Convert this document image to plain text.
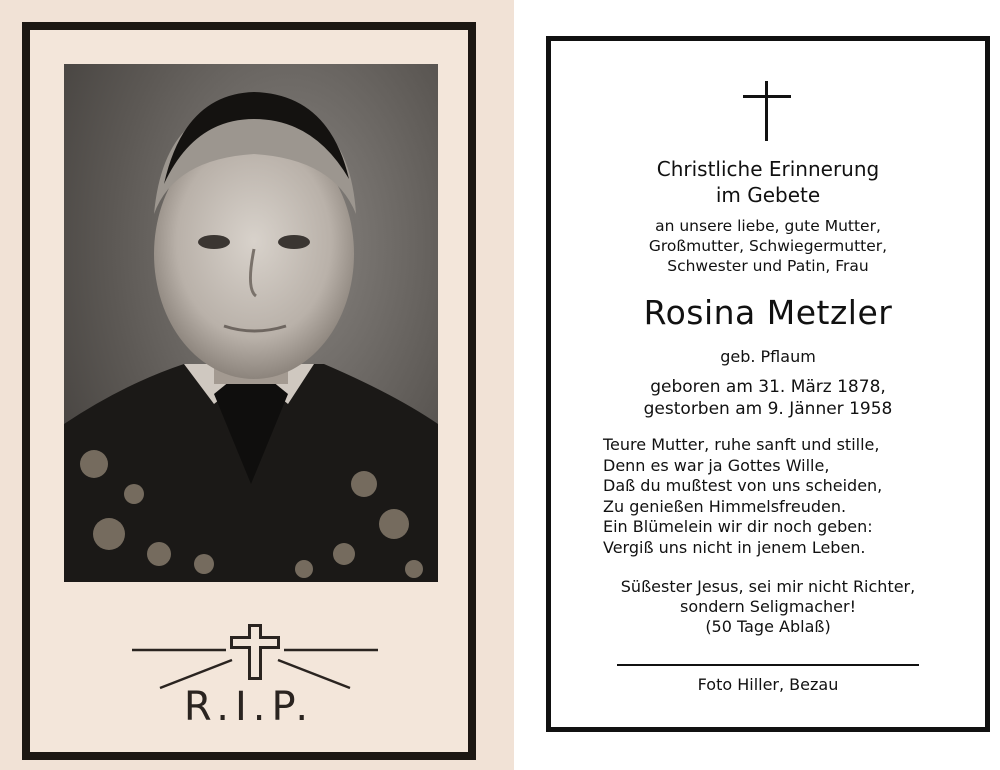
R.I.P.
Christliche Erinnerung
im Gebete
an unsere liebe, gute Mutter,
Großmutter, Schwiegermutter,
Schwester und Patin, Frau
Rosina Metzler
geb. Pflaum
geboren am 31. März 1878,
gestorben am 9. Jänner 1958
Teure Mutter, ruhe sanft und stille,
Denn es war ja Gottes Wille,
Daß du mußtest von uns scheiden,
Zu genießen Himmelsfreuden.
Ein Blümelein wir dir noch geben:
Vergiß uns nicht in jenem Leben.
Süßester Jesus, sei mir nicht Richter,
sondern Seligmacher!
(50 Tage Ablaß)
Foto Hiller, Bezau
